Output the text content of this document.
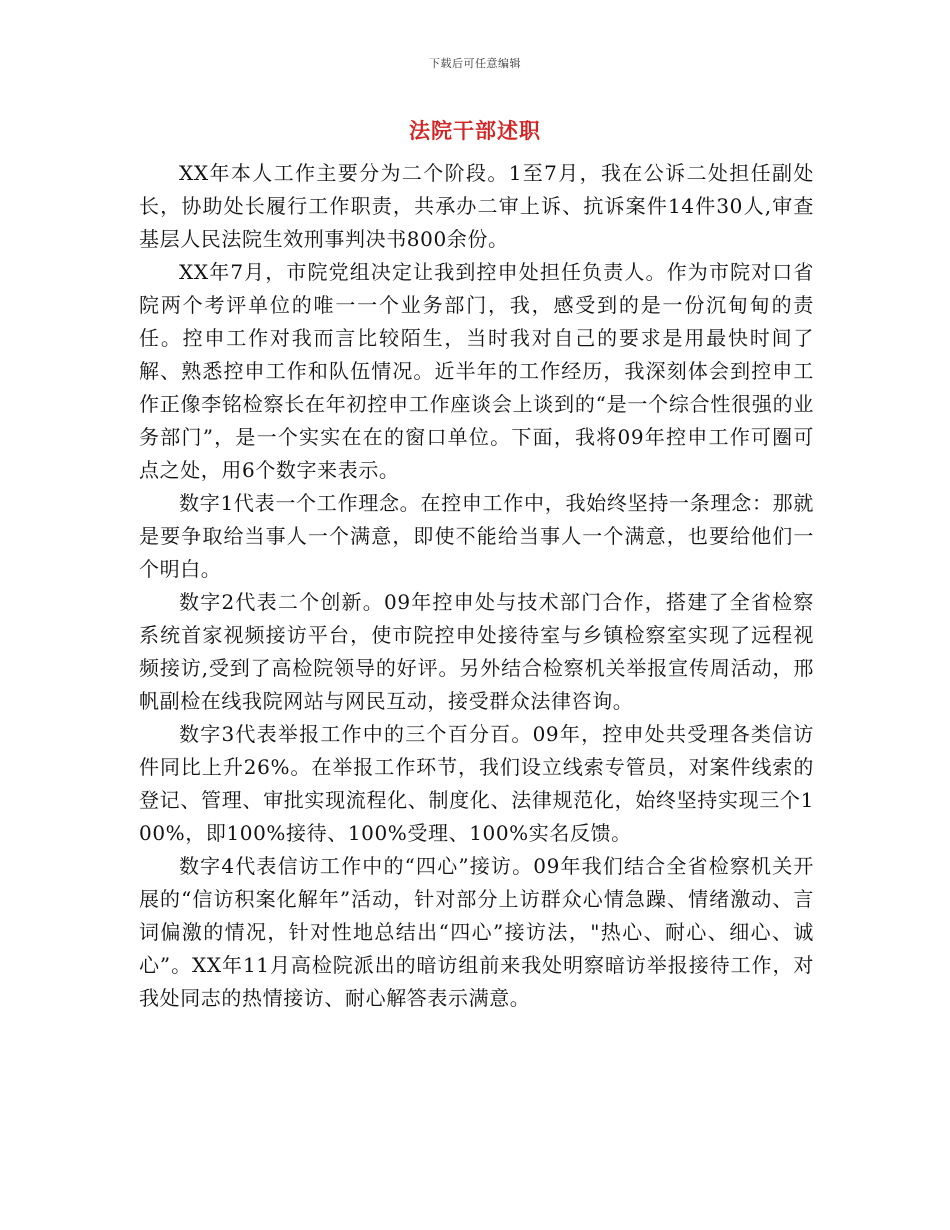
下载后可任意编辑
法院干部述职

XX年本人工作主要分为二个阶段。1至7月，我在公诉二处担任副处长，协助处长履行工作职责，共承办二审上诉、抗诉案件14件30人,审查基层人民法院生效刑事判决书800余份。

XX年7月，市院党组决定让我到控申处担任负责人。作为市院对口省院两个考评单位的唯一一个业务部门，我，感受到的是一份沉甸甸的责任。控申工作对我而言比较陌生，当时我对自己的要求是用最快时间了解、熟悉控申工作和队伍情况。近半年的工作经历，我深刻体会到控申工作正像李铭检察长在年初控申工作座谈会上谈到的“是一个综合性很强的业务部门”，是一个实实在在的窗口单位。下面，我将09年控申工作可圈可点之处，用6个数字来表示。

数字1代表一个工作理念。在控申工作中，我始终坚持一条理念：那就是要争取给当事人一个满意，即使不能给当事人一个满意，也要给他们一个明白。

数字2代表二个创新。09年控申处与技术部门合作，搭建了全省检察系统首家视频接访平台，使市院控申处接待室与乡镇检察室实现了远程视频接访,受到了高检院领导的好评。另外结合检察机关举报宣传周活动，邢帆副检在线我院网站与网民互动，接受群众法律咨询。

数字3代表举报工作中的三个百分百。09年，控申处共受理各类信访件同比上升26%。在举报工作环节，我们设立线索专管员，对案件线索的登记、管理、审批实现流程化、制度化、法律规范化，始终坚持实现三个100%，即100%接待、100%受理、100%实名反馈。

数字4代表信访工作中的“四心”接访。09年我们结合全省检察机关开展的“信访积案化解年”活动，针对部分上访群众心情急躁、情绪激动、言词偏激的情况，针对性地总结出“四心”接访法，"热心、耐心、细心、诚心”。XX年11月高检院派出的暗访组前来我处明察暗访举报接待工作，对我处同志的热情接访、耐心解答表示满意。
